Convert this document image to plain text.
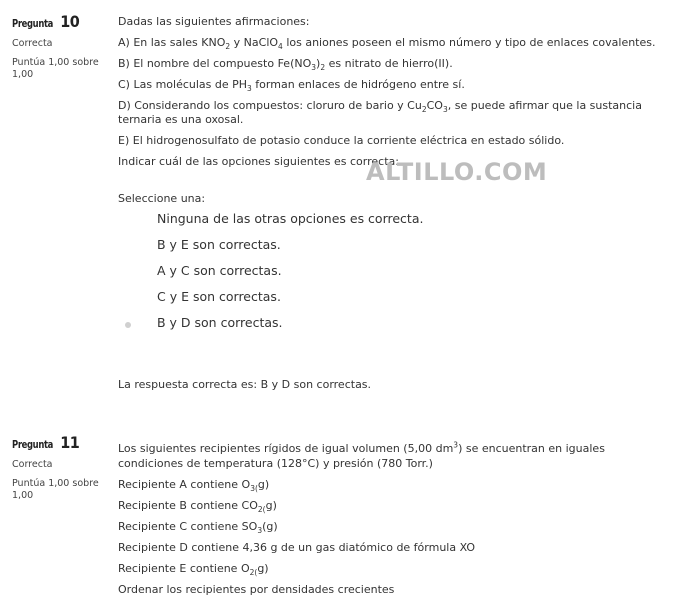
Pregunta 10
Correcta
Puntúa 1,00 sobre 1,00

Dadas las siguientes afirmaciones:

A) En las sales $KNO_2$ y NaClO$_4$ los aniones poseen el mismo número y tipo de enlaces covalentes.

B) El nombre del compuesto $Fe(NO_3)_2$ es nitrato de hierro(II).

C) Las moléculas de $PH_3$ forman enlaces de hidrógeno entre sí.

D) Considerando los compuestos: cloruro de bario y $Cu_2CO_3$, se puede afirmar que la sustancia ternaria es una oxosal.

E) El hidrogenosulfato de potasio conduce la corriente eléctrica en estado sólido.

Indicar cuál de las opciones siguientes es correcta:

ALTILLO.COM
Seleccione una:
Ninguna de las otras opciones es correcta.
B y E son correctas.
A y C son correctas.
C y E son correctas.
B y D son correctas.
La respuesta correcta es: B y D son correctas.
Pregunta 11
Correcta
Puntúa 1,00 sobre 1,00

Los siguientes recipientes rígidos de igual volumen (5,00 $dm^3$) se encuentran en iguales condiciones de temperatura (128°C) y presión (780 Torr.)

Recipiente A contiene $O_{3(}g$)

Recipiente B contiene $CO_{2(}g$)

Recipiente C contiene $SO_3(g)$

Recipiente D contiene 4,36 g de un gas diatómico de fórmula XO

Recipiente E contiene $O_{2(}g$)

Ordenar los recipientes por densidades crecientes
